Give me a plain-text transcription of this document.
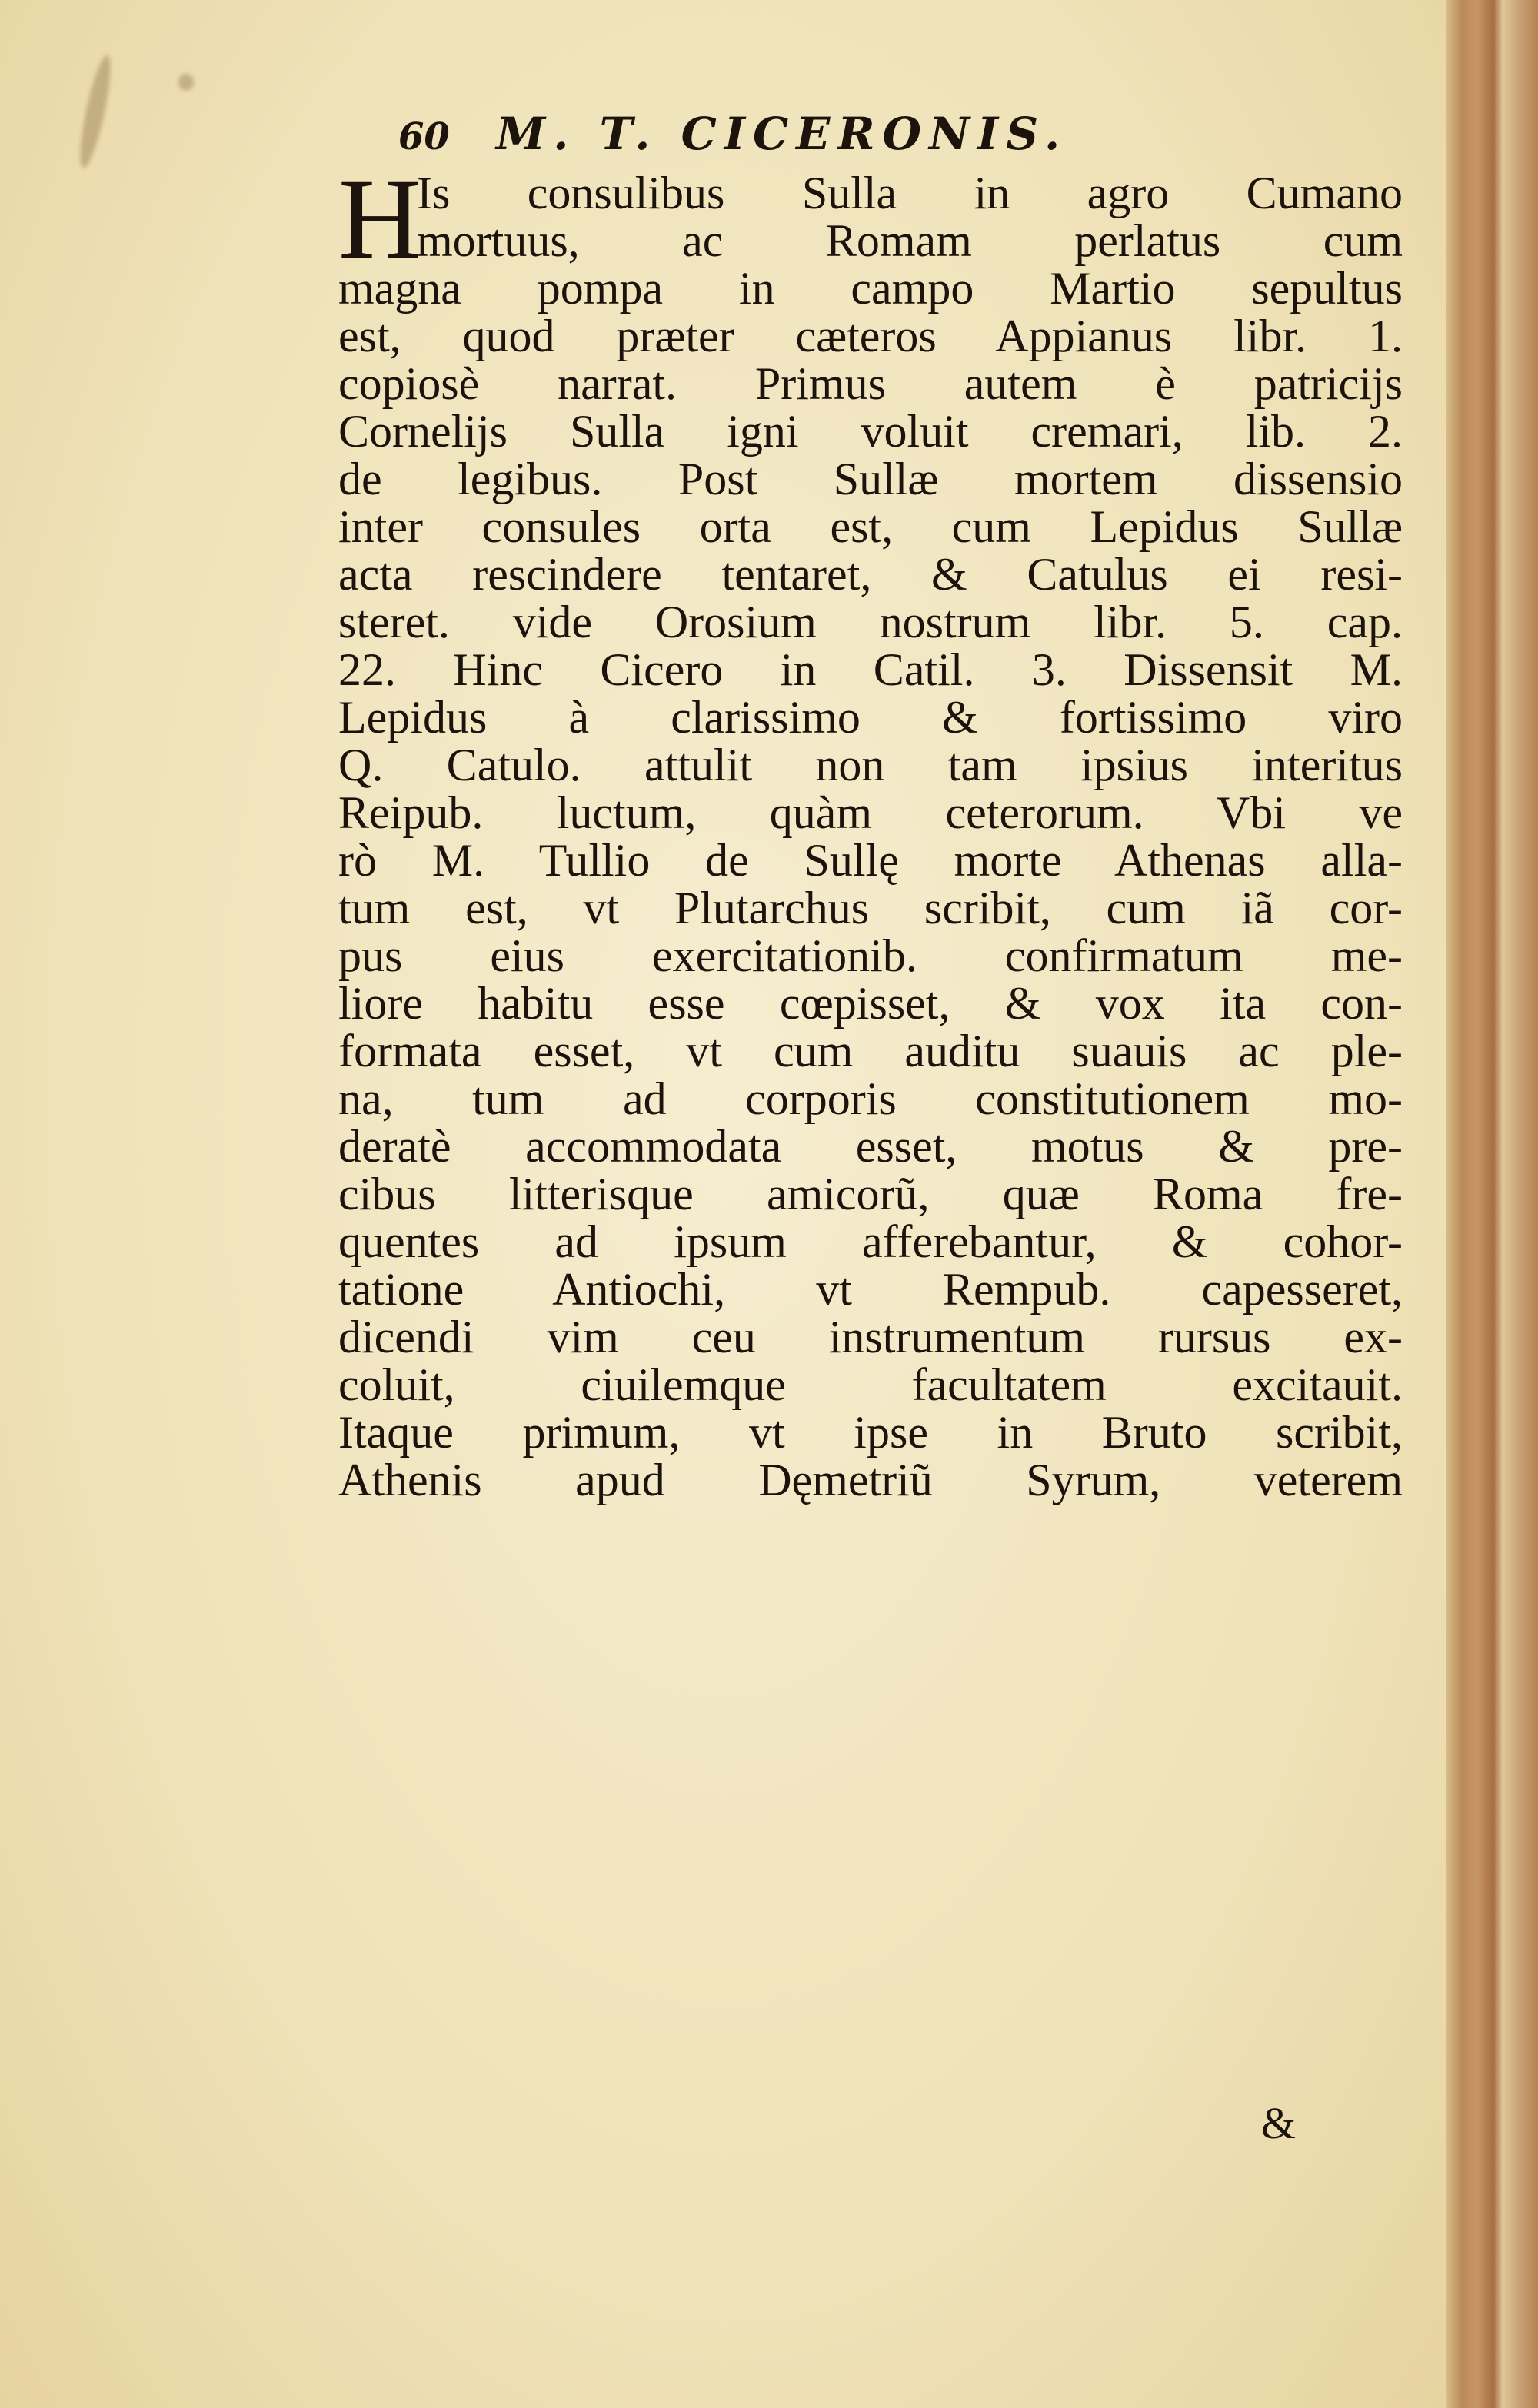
60 M. T. CICERONIS.
H
Is consulibus Sulla in agro Cumano
mortuus, ac Romam perlatus cum
magna pompa in campo Martio sepultus
est, quod præter cæteros Appianus libr. 1.
copiosè narrat. Primus autem è patricijs
Cornelijs Sulla igni voluit cremari, lib. 2.
de legibus. Post Sullæ mortem dissensio
inter consules orta est, cum Lepidus Sullæ
acta rescindere tentaret, & Catulus ei resi-
steret. vide Orosium nostrum libr. 5. cap.
22. Hinc Cicero in Catil. 3. Dissensit M.
Lepidus à clarissimo & fortissimo viro
Q. Catulo. attulit non tam ipsius interitus
Reipub. luctum, quàm ceterorum. Vbi ve
rò M. Tullio de Sullę morte Athenas alla-
tum est, vt Plutarchus scribit, cum iã cor-
pus eius exercitationib. confirmatum me-
liore habitu esse cœpisset, & vox ita con-
formata esset, vt cum auditu suauis ac ple-
na, tum ad corporis constitutionem mo-
deratè accommodata esset, motus & pre-
cibus litterisque amicorũ, quæ Roma fre-
quentes ad ipsum afferebantur, & cohor-
tatione Antiochi, vt Rempub. capesseret,
dicendi vim ceu instrumentum rursus ex-
coluit, ciuilemque facultatem excitauit.
Itaque primum, vt ipse in Bruto scribit,
Athenis apud Dęmetriũ Syrum, veterem
&
